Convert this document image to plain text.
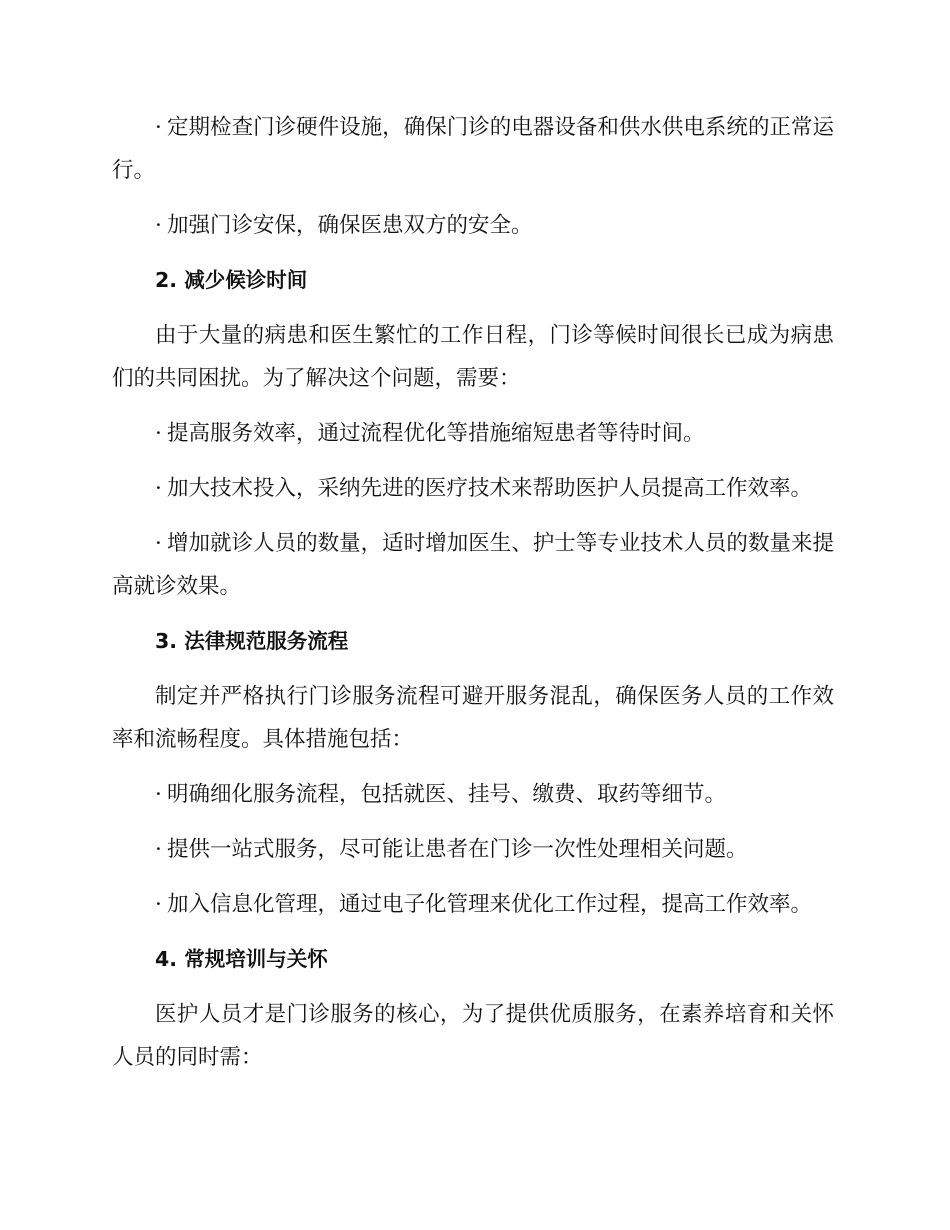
· 定期检查门诊硬件设施，确保门诊的电器设备和供水供电系统的正常运行。

· 加强门诊安保，确保医患双方的安全。

2. 减少候诊时间

由于大量的病患和医生繁忙的工作日程，门诊等候时间很长已成为病患们的共同困扰。为了解决这个问题，需要：

· 提高服务效率，通过流程优化等措施缩短患者等待时间。

· 加大技术投入，采纳先进的医疗技术来帮助医护人员提高工作效率。

· 增加就诊人员的数量，适时增加医生、护士等专业技术人员的数量来提高就诊效果。

3. 法律规范服务流程

制定并严格执行门诊服务流程可避开服务混乱，确保医务人员的工作效率和流畅程度。具体措施包括：

· 明确细化服务流程，包括就医、挂号、缴费、取药等细节。

· 提供一站式服务，尽可能让患者在门诊一次性处理相关问题。

· 加入信息化管理，通过电子化管理来优化工作过程，提高工作效率。

4. 常规培训与关怀

医护人员才是门诊服务的核心，为了提供优质服务，在素养培育和关怀人员的同时需：
